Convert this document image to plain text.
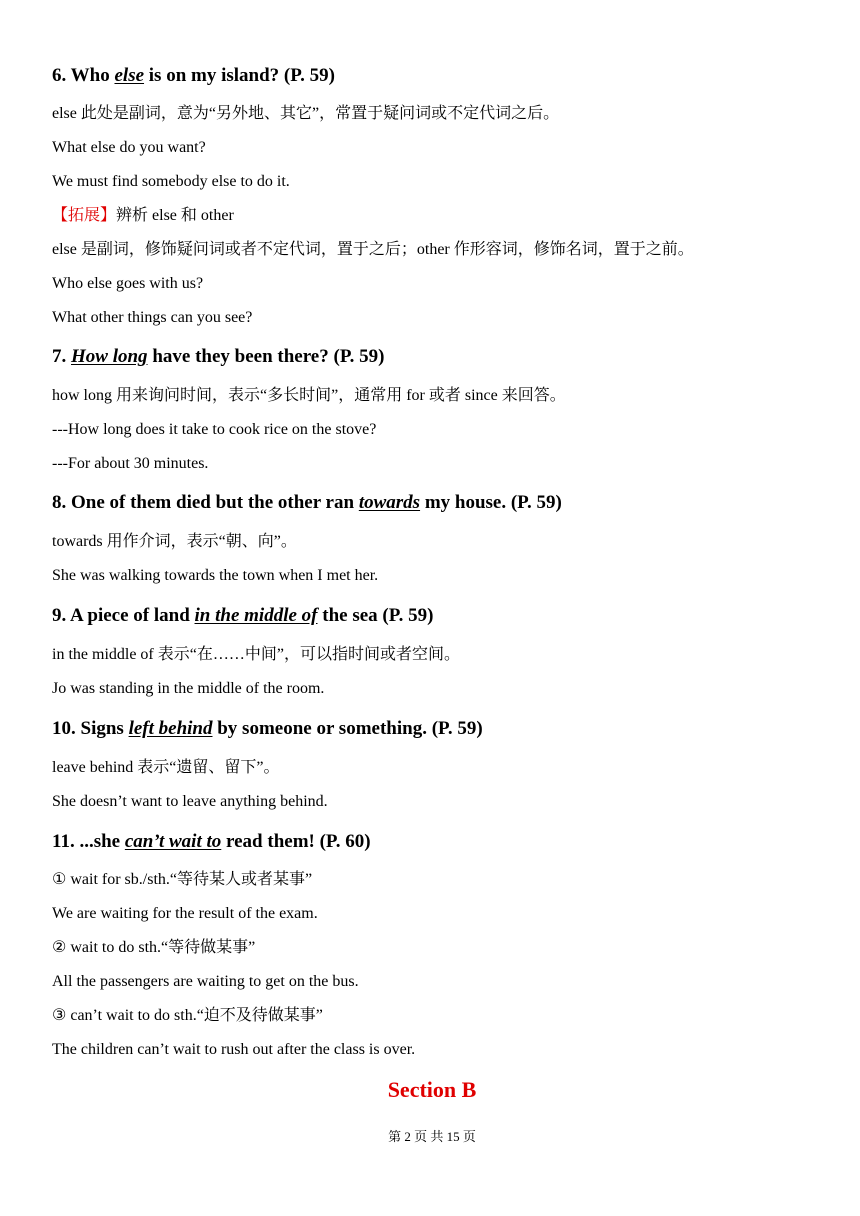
6. Who else is on my island? (P. 59)
else 此处是副词，意为“另外地、其它”，常置于疑问词或不定代词之后。
What else do you want?
We must find somebody else to do it.
【拓展】辨析 else 和 other
else 是副词，修饰疑问词或者不定代词，置于之后；other 作形容词，修饰名词，置于之前。
Who else goes with us?
What other things can you see?
7. How long have they been there? (P. 59)
how long 用来询问时间，表示“多长时间”，通常用 for 或者 since 来回答。
---How long does it take to cook rice on the stove?
---For about 30 minutes.
8. One of them died but the other ran towards my house. (P. 59)
towards 用作介词，表示“朝、向”。
She was walking towards the town when I met her.
9. A piece of land in the middle of the sea (P. 59)
in the middle of 表示“在……中间”，可以指时间或者空间。
Jo was standing in the middle of the room.
10. Signs left behind by someone or something. (P. 59)
leave behind 表示“遗留、留下”。
She doesn’t want to leave anything behind.
11. ...she can’t wait to read them! (P. 60)
① wait for sb./sth.“等待某人或者某事”
We are waiting for the result of the exam.
② wait to do sth.“等待做某事”
All the passengers are waiting to get on the bus.
③ can’t wait to do sth.“迫不及待做某事”
The children can’t wait to rush out after the class is over.
Section B
第 2 页 共 15 页
